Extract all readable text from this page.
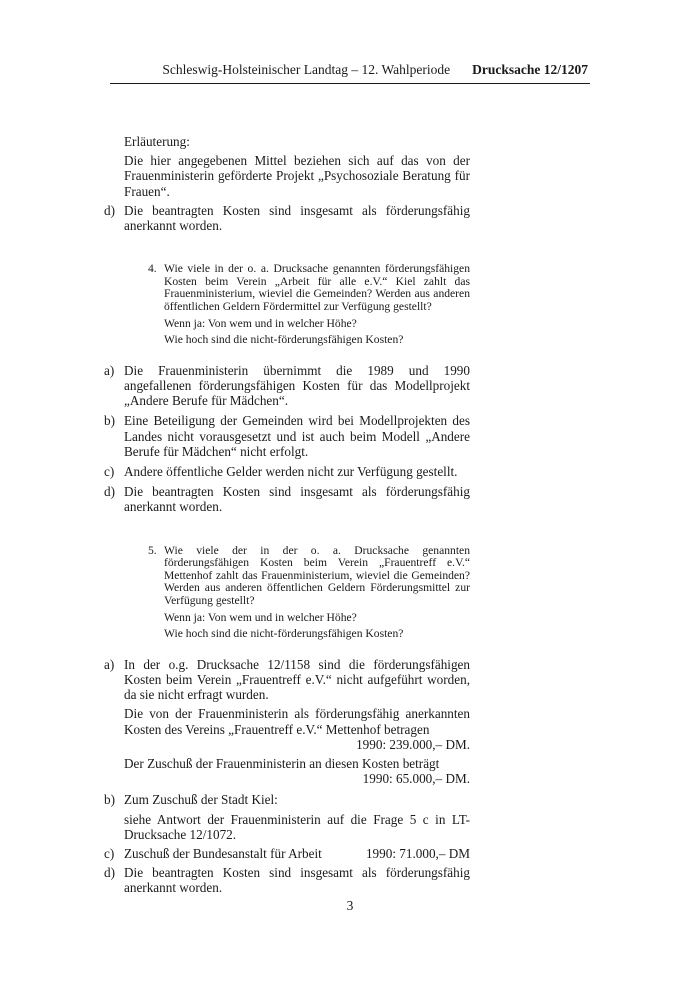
Schleswig-Holsteinischer Landtag – 12. Wahlperiode Drucksache 12/1207
Erläuterung:
Die hier angegebenen Mittel beziehen sich auf das von der Frauenministerin geförderte Projekt „Psychosoziale Beratung für Frauen“.
d) Die beantragten Kosten sind insgesamt als förderungsfähig anerkannt worden.
4. Wie viele in der o. a. Drucksache genannten förderungsfähigen Kosten beim Verein „Arbeit für alle e.V.“ Kiel zahlt das Frauenministerium, wieviel die Gemeinden? Werden aus anderen öffentlichen Geldern Fördermittel zur Verfügung gestellt?
Wenn ja: Von wem und in welcher Höhe?
Wie hoch sind die nicht-förderungsfähigen Kosten?
a) Die Frauenministerin übernimmt die 1989 und 1990 angefallenen förderungsfähigen Kosten für das Modellprojekt „Andere Berufe für Mädchen“.
b) Eine Beteiligung der Gemeinden wird bei Modellprojekten des Landes nicht vorausgesetzt und ist auch beim Modell „Andere Berufe für Mädchen“ nicht erfolgt.
c) Andere öffentliche Gelder werden nicht zur Verfügung gestellt.
d) Die beantragten Kosten sind insgesamt als förderungsfähig anerkannt worden.
5. Wie viele der in der o. a. Drucksache genannten förderungsfähigen Kosten beim Verein „Frauentreff e.V.“ Mettenhof zahlt das Frauenministerium, wieviel die Gemeinden? Werden aus anderen öffentlichen Geldern Förderungsmittel zur Verfügung gestellt?
Wenn ja: Von wem und in welcher Höhe?
Wie hoch sind die nicht-förderungsfähigen Kosten?
a) In der o.g. Drucksache 12/1158 sind die förderungsfähigen Kosten beim Verein „Frauentreff e.V.“ nicht aufgeführt worden, da sie nicht erfragt wurden.
Die von der Frauenministerin als förderungsfähig anerkannten Kosten des Vereins „Frauentreff e.V.“ Mettenhof betragen
1990: 239.000,– DM.
Der Zuschuß der Frauenministerin an diesen Kosten beträgt
1990: 65.000,– DM.
b) Zum Zuschuß der Stadt Kiel:
siehe Antwort der Frauenministerin auf die Frage 5 c in LT-Drucksache 12/1072.
c) Zuschuß der Bundesanstalt für Arbeit	1990: 71.000,– DM
d) Die beantragten Kosten sind insgesamt als förderungsfähig anerkannt worden.
3
